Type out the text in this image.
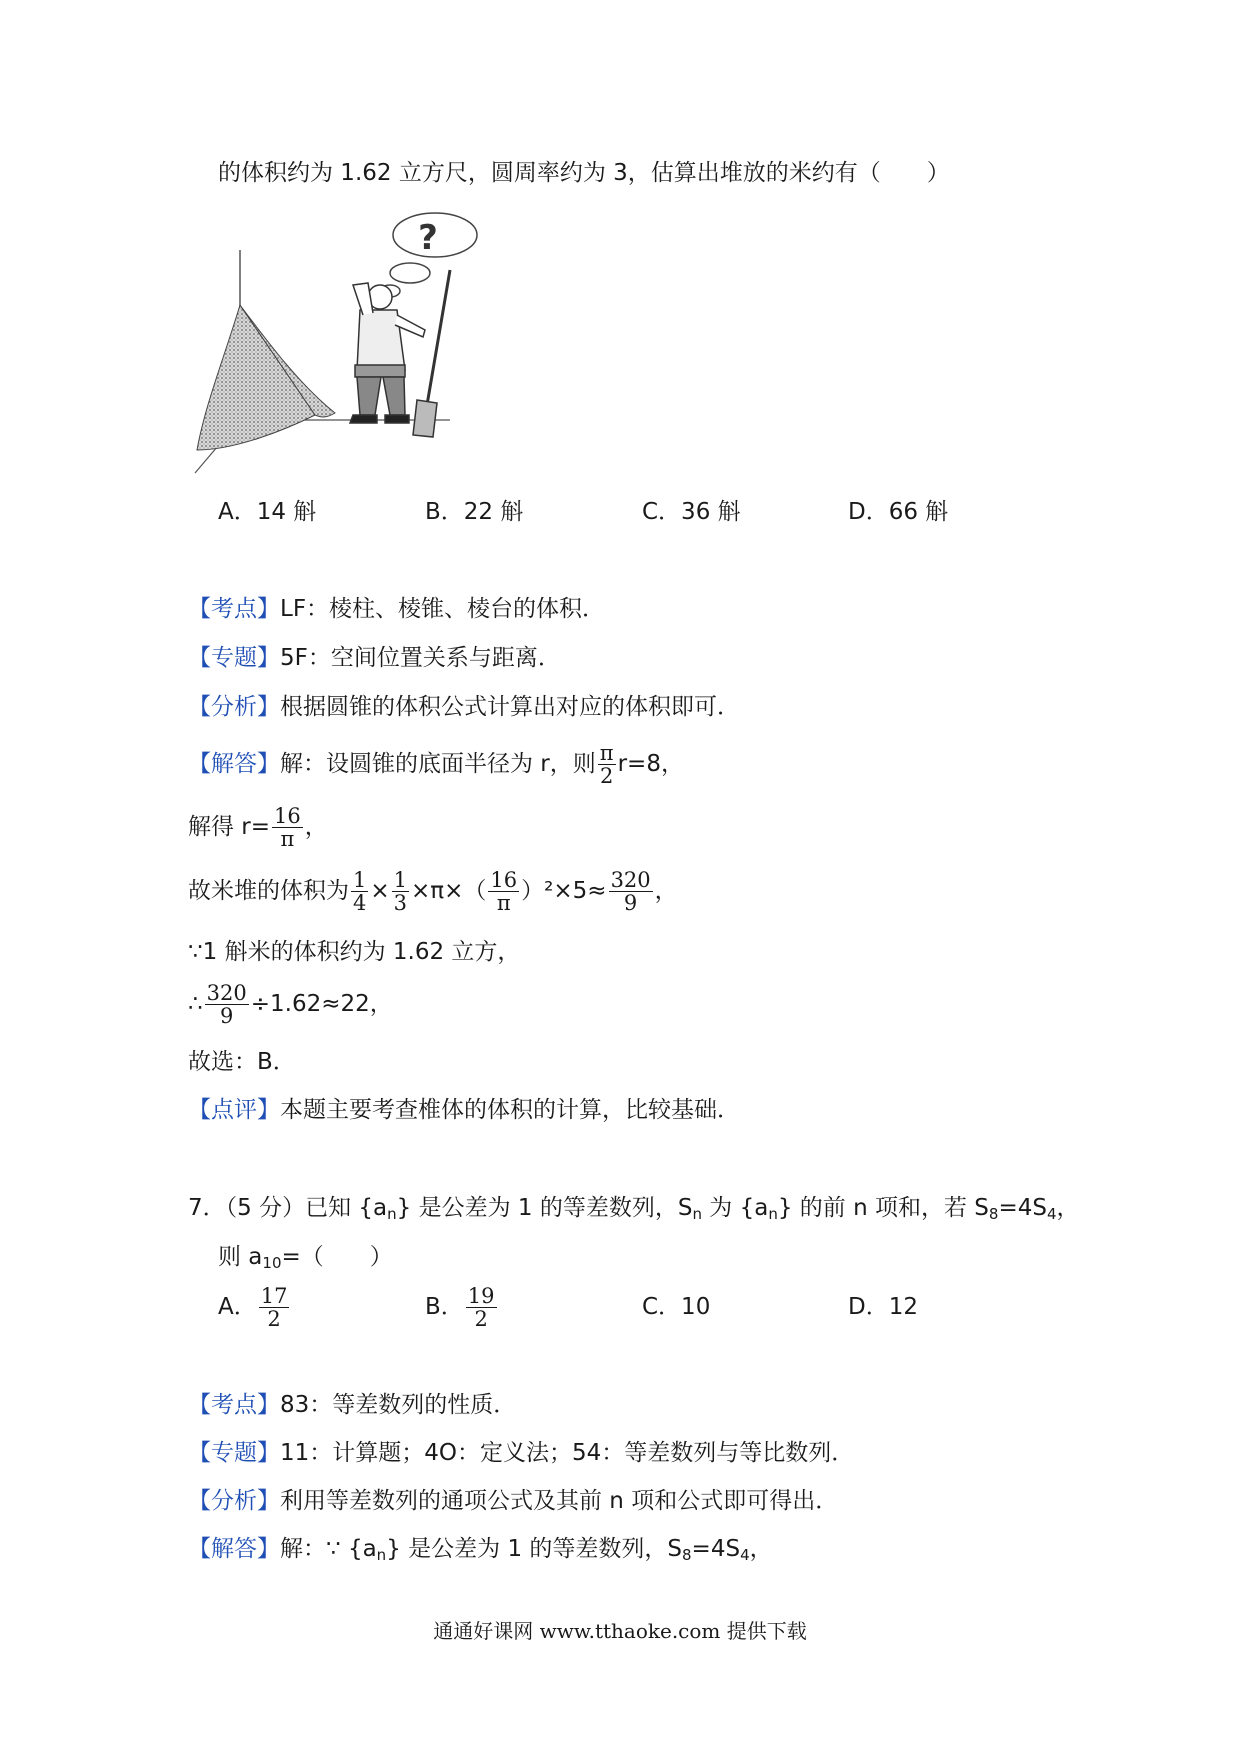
的体积约为 1.62 立方尺，圆周率约为 3，估算出堆放的米约有（　　）
?
A．14 斛	B．22 斛	C．36 斛	D．66 斛
【考点】LF：棱柱、棱锥、棱台的体积．
【专题】5F：空间位置关系与距离．
【分析】根据圆锥的体积公式计算出对应的体积即可．
【解答】解：设圆锥的底面半径为 r，则 $\frac{\pi}{2} r=8$，
解得 $r= \frac{16}{\pi}$ ，
故米堆的体积为 $\frac{1}{4} \times \frac{1}{3} \times\pi\times( \frac{16}{\pi} )^2\times 5\approx \frac{320}{9}$ ，
∵1 斛米的体积约为 1.62 立方，
∴ $\frac{320}{9} \div 1.62\approx 22$，
故选：B．
【点评】本题主要考查椎体的体积的计算，比较基础．
7．（5 分）已知 $\{a_n\}$ 是公差为 1 的等差数列，$S_n$ 为 $\{a_n\}$ 的前 n 项和，若 $S_8=4S_4$，
则 $a_{10}=$（　　）
A． $\frac{17}{2}$	B． $\frac{19}{2}$	C．10	D．12
【考点】83：等差数列的性质．
【专题】11：计算题；4O：定义法；54：等差数列与等比数列．
【分析】利用等差数列的通项公式及其前 n 项和公式即可得出．
【解答】解：∵ $\{a_n\}$ 是公差为 1 的等差数列，$S_8=4S_4$，
通通好课网 www.tthaoke.com 提供下载
